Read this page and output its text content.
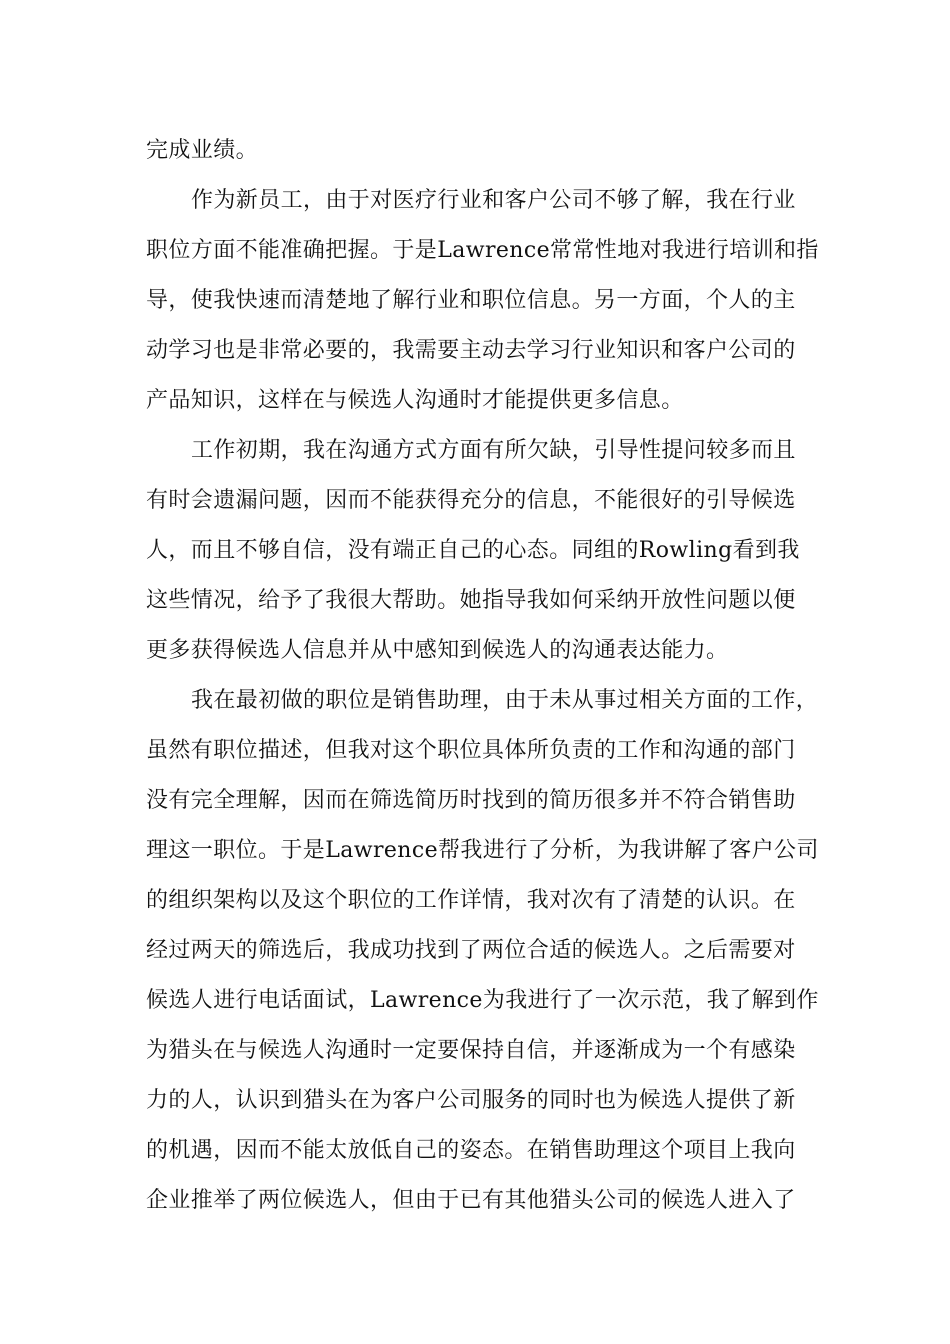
完成业绩。
作为新员工，由于对医疗行业和客户公司不够了解，我在行业
职位方面不能准确把握。于是Lawrence常常性地对我进行培训和指
导，使我快速而清楚地了解行业和职位信息。另一方面，个人的主
动学习也是非常必要的，我需要主动去学习行业知识和客户公司的
产品知识，这样在与候选人沟通时才能提供更多信息。
工作初期，我在沟通方式方面有所欠缺，引导性提问较多而且
有时会遗漏问题，因而不能获得充分的信息，不能很好的引导候选
人，而且不够自信，没有端正自己的心态。同组的Rowling看到我
这些情况，给予了我很大帮助。她指导我如何采纳开放性问题以便
更多获得候选人信息并从中感知到候选人的沟通表达能力。
我在最初做的职位是销售助理，由于未从事过相关方面的工作，
虽然有职位描述，但我对这个职位具体所负责的工作和沟通的部门
没有完全理解，因而在筛选简历时找到的简历很多并不符合销售助
理这一职位。于是Lawrence帮我进行了分析，为我讲解了客户公司
的组织架构以及这个职位的工作详情，我对次有了清楚的认识。在
经过两天的筛选后，我成功找到了两位合适的候选人。之后需要对
候选人进行电话面试，Lawrence为我进行了一次示范，我了解到作
为猎头在与候选人沟通时一定要保持自信，并逐渐成为一个有感染
力的人，认识到猎头在为客户公司服务的同时也为候选人提供了新
的机遇，因而不能太放低自己的姿态。在销售助理这个项目上我向
企业推举了两位候选人，但由于已有其他猎头公司的候选人进入了
